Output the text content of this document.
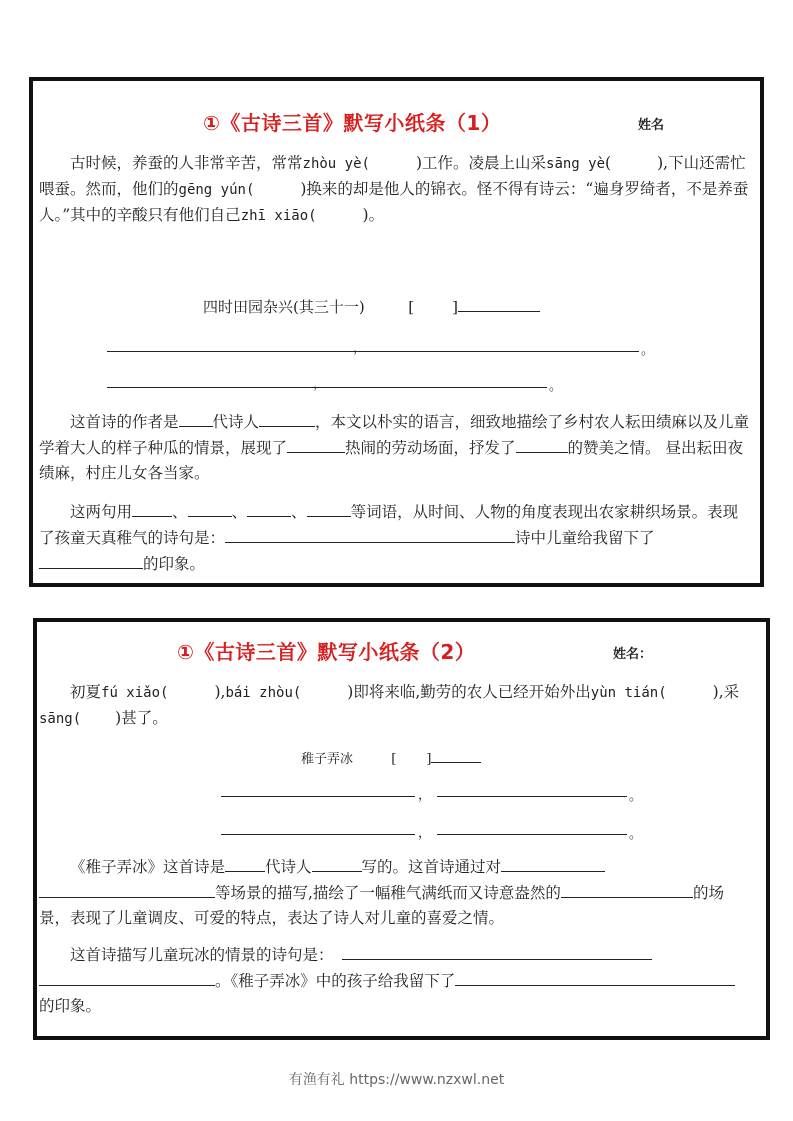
①《古诗三首》默写小纸条（1）	姓名
古时候，养蚕的人非常辛苦，常常zhòu yè(	)工作。凌晨上山采sāng yè(	),下山还需忙喂蚕。然而，他们的gēng yún(	)换来的却是他人的锦衣。怪不得有诗云：“遍身罗绮者，不是养蚕人。”其中的辛酸只有他们自己zhī xiāo(	)。
四时田园杂兴(其三十一)	[	]
，	。
，	。
这首诗的作者是 代诗人	，本文以朴实的语言，细致地描绘了乡村农人耘田绩麻以及儿童学着大人的样子种瓜的情景，展现了	热闹的劳动场面，抒发了	的赞美之情。 昼出耘田夜绩麻，村庄儿女各当家。
这两句用	、	、	、	等词语，从时间、人物的角度表现出农家耕织场景。表现了孩童天真稚气的诗句是：	诗中儿童给我留下了的印象。
①《古诗三首》默写小纸条（2）	姓名：
初夏fú xiǎo(	),bái zhòu(	)即将来临,勤劳的农人已经开始外出yùn tián(	),采sāng( )甚了。
稚子弄冰	[ ]
，	。
，	。
《稚子弄冰》这首诗是	代诗人	写的。这首诗通过对等场景的描写,描绘了一幅稚气满纸而又诗意盎然的	的场景，表现了儿童调皮、可爱的特点，表达了诗人对儿童的喜爱之情。
这首诗描写儿童玩冰的情景的诗句是：。《稚子弄冰》中的孩子给我留下了的印象。
有渔有礼 https://www.nzxwl.net
